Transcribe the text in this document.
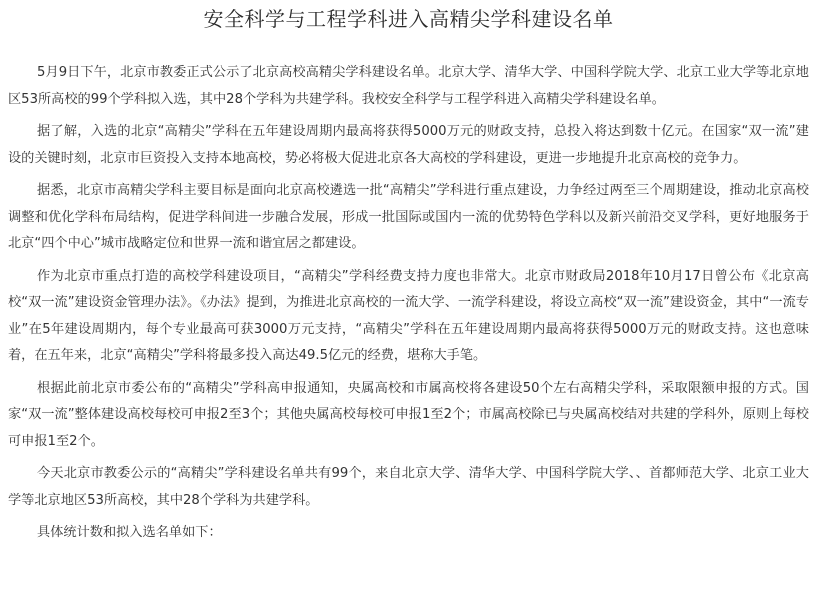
安全科学与工程学科进入高精尖学科建设名单

5月9日下午，北京市教委正式公示了北京高校高精尖学科建设名单。北京大学、清华大学、中国科学院大学、北京工业大学等北京地区53所高校的99个学科拟入选，其中28个学科为共建学科。我校安全科学与工程学科进入高精尖学科建设名单。

据了解，入选的北京“高精尖”学科在五年建设周期内最高将获得5000万元的财政支持，总投入将达到数十亿元。在国家“双一流”建设的关键时刻，北京市巨资投入支持本地高校，势必将极大促进北京各大高校的学科建设，更进一步地提升北京高校的竞争力。

据悉，北京市高精尖学科主要目标是面向北京高校遴选一批“高精尖”学科进行重点建设，力争经过两至三个周期建设，推动北京高校调整和优化学科布局结构，促进学科间进一步融合发展，形成一批国际或国内一流的优势特色学科以及新兴前沿交叉学科，更好地服务于北京“四个中心”城市战略定位和世界一流和谐宜居之都建设。

作为北京市重点打造的高校学科建设项目，“高精尖”学科经费支持力度也非常大。北京市财政局2018年10月17日曾公布《北京高校“双一流”建设资金管理办法》。《办法》提到，为推进北京高校的一流大学、一流学科建设，将设立高校“双一流”建设资金，其中“一流专业”在5年建设周期内，每个专业最高可获3000万元支持，“高精尖”学科在五年建设周期内最高将获得5000万元的财政支持。这也意味着，在五年来，北京“高精尖”学科将最多投入高达49.5亿元的经费，堪称大手笔。

根据此前北京市委公布的“高精尖”学科高申报通知，央属高校和市属高校将各建设50个左右高精尖学科，采取限额申报的方式。国家“双一流”整体建设高校每校可申报2至3个；其他央属高校每校可申报1至2个；市属高校除已与央属高校结对共建的学科外，原则上每校可申报1至2个。

今天北京市教委公示的“高精尖”学科建设名单共有99个，来自北京大学、清华大学、中国科学院大学、、首都师范大学、北京工业大学等北京地区53所高校，其中28个学科为共建学科。

具体统计数和拟入选名单如下：
